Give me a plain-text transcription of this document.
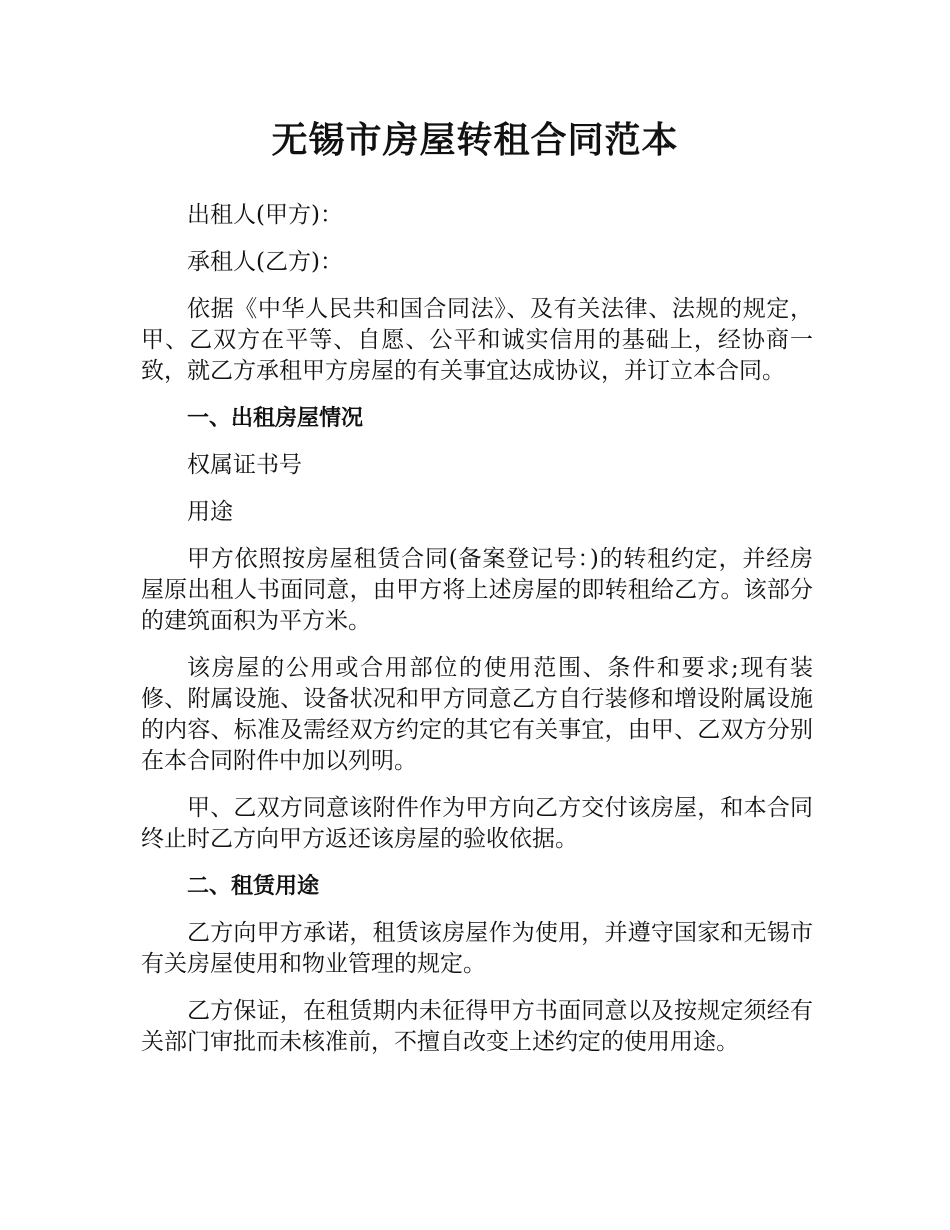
无锡市房屋转租合同范本

出租人(甲方)：

承租人(乙方)：

依据《中华人民共和国合同法》、及有关法律、法规的规定，甲、乙双方在平等、自愿、公平和诚实信用的基础上，经协商一致，就乙方承租甲方房屋的有关事宜达成协议，并订立本合同。

一、出租房屋情况

权属证书号

用途

甲方依照按房屋租赁合同(备案登记号：)的转租约定，并经房屋原出租人书面同意，由甲方将上述房屋的即转租给乙方。该部分的建筑面积为平方米。

该房屋的公用或合用部位的使用范围、条件和要求;现有装修、附属设施、设备状况和甲方同意乙方自行装修和增设附属设施的内容、标准及需经双方约定的其它有关事宜，由甲、乙双方分别在本合同附件中加以列明。

甲、乙双方同意该附件作为甲方向乙方交付该房屋，和本合同终止时乙方向甲方返还该房屋的验收依据。

二、租赁用途

乙方向甲方承诺，租赁该房屋作为使用，并遵守国家和无锡市有关房屋使用和物业管理的规定。

乙方保证，在租赁期内未征得甲方书面同意以及按规定须经有关部门审批而未核准前，不擅自改变上述约定的使用用途。
